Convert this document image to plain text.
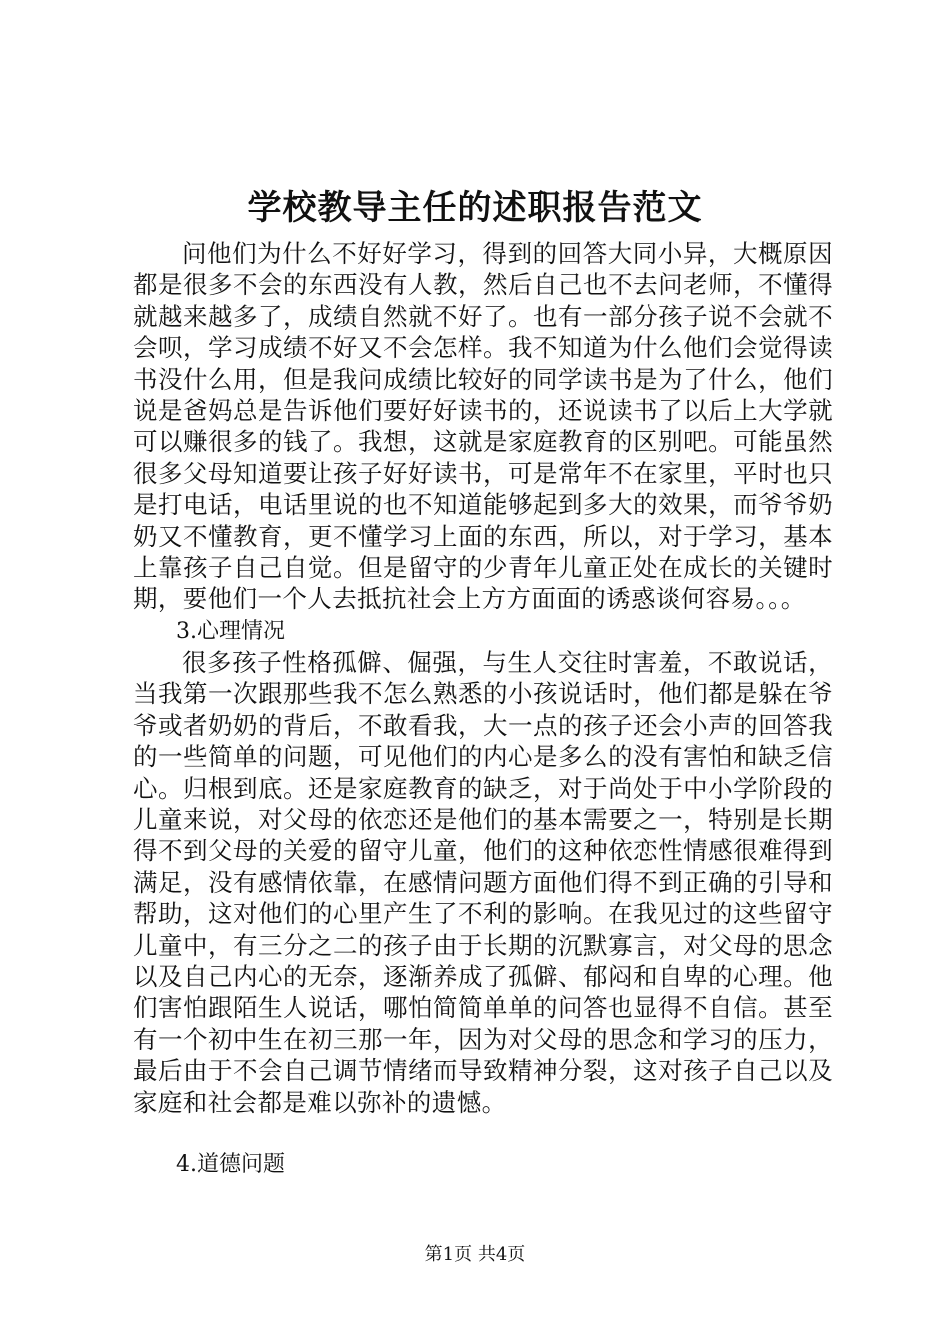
学校教导主任的述职报告范文
问他们为什么不好好学习，得到的回答大同小异，大概原因都是很多不会的东西没有人教，然后自己也不去问老师，不懂得就越来越多了，成绩自然就不好了。也有一部分孩子说不会就不会呗，学习成绩不好又不会怎样。我不知道为什么他们会觉得读书没什么用，但是我问成绩比较好的同学读书是为了什么，他们说是爸妈总是告诉他们要好好读书的，还说读书了以后上大学就可以赚很多的钱了。我想，这就是家庭教育的区别吧。可能虽然很多父母知道要让孩子好好读书，可是常年不在家里，平时也只是打电话，电话里说的也不知道能够起到多大的效果，而爷爷奶奶又不懂教育，更不懂学习上面的东西，所以，对于学习，基本上靠孩子自己自觉。但是留守的少青年儿童正处在成长的关键时期，要他们一个人去抵抗社会上方方面面的诱惑谈何容易。。。
3.心理情况
很多孩子性格孤僻、倔强，与生人交往时害羞，不敢说话，当我第一次跟那些我不怎么熟悉的小孩说话时，他们都是躲在爷爷或者奶奶的背后，不敢看我，大一点的孩子还会小声的回答我的一些简单的问题，可见他们的内心是多么的没有害怕和缺乏信心。归根到底。还是家庭教育的缺乏，对于尚处于中小学阶段的儿童来说，对父母的依恋还是他们的基本需要之一，特别是长期得不到父母的关爱的留守儿童，他们的这种依恋性情感很难得到满足，没有感情依靠，在感情问题方面他们得不到正确的引导和帮助，这对他们的心里产生了不利的影响。在我见过的这些留守儿童中，有三分之二的孩子由于长期的沉默寡言，对父母的思念以及自己内心的无奈，逐渐养成了孤僻、郁闷和自卑的心理。他们害怕跟陌生人说话，哪怕简简单单的问答也显得不自信。甚至有一个初中生在初三那一年，因为对父母的思念和学习的压力，最后由于不会自己调节情绪而导致精神分裂，这对孩子自己以及家庭和社会都是难以弥补的遗憾。
4.道德问题
第1页 共4页
